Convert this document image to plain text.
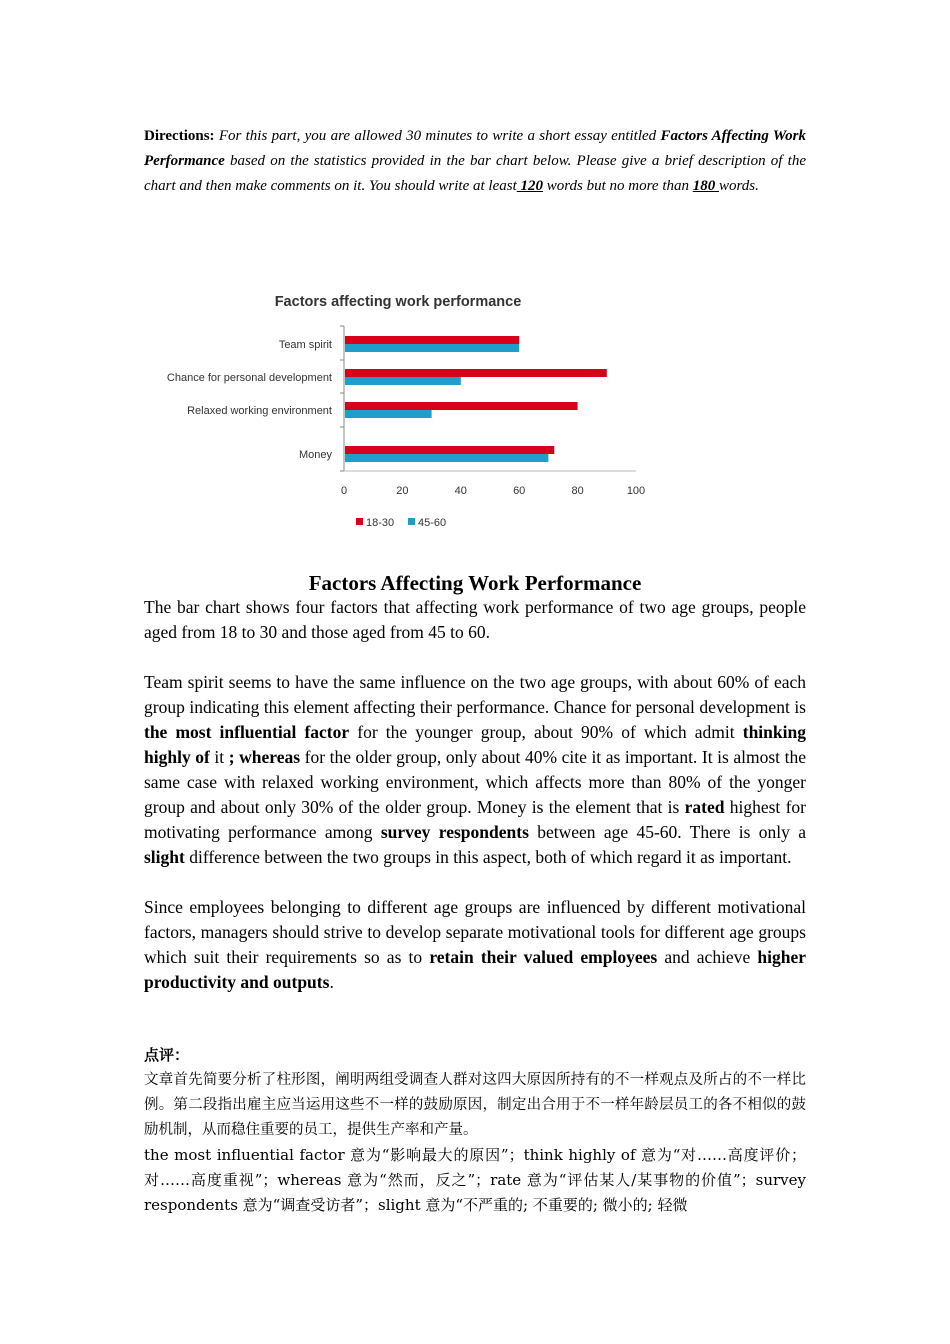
Directions: For this part, you are allowed 30 minutes to write a short essay entitled Factors Affecting Work Performance based on the statistics provided in the bar chart below. Please give a brief description of the chart and then make comments on it. You should write at least 120 words but no more than 180 words.
Factors affecting work performance
Team spirit
Chance for personal development
Relaxed working environment
Money
0	20	40	60	80	100
18-30 45-60
Factors Affecting Work Performance

The bar chart shows four factors that affecting work performance of two age groups, people aged from 18 to 30 and those aged from 45 to 60.

Team spirit seems to have the same influence on the two age groups, with about 60% of each group indicating this element affecting their performance. Chance for personal development is the most influential factor for the younger group, about 90% of which admit thinking highly of it ; whereas for the older group, only about 40% cite it as important. It is almost the same case with relaxed working environment, which affects more than 80% of the yonger group and about only 30% of the older group. Money is the element that is rated highest for motivating performance among survey respondents between age 45-60. There is only a slight difference between the two groups in this aspect, both of which regard it as important.

Since employees belonging to different age groups are influenced by different motivational factors, managers should strive to develop separate motivational tools for different age groups which suit their requirements so as to retain their valued employees and achieve higher productivity and outputs.

点评：
文章首先简要分析了柱形图，阐明两组受调查人群对这四大原因所持有的不一样观点及所占的不一样比例。第二段指出雇主应当运用这些不一样的鼓励原因，制定出合用于不一样年龄层员工的各不相似的鼓励机制，从而稳住重要的员工，提供生产率和产量。
the most influential factor 意为“影响最大的原因”；think highly of 意为“对……高度评价；对……高度重视”；whereas 意为“然而，反之”；rate 意为“评估某人/某事物的价值”；survey respondents 意为“调查受访者”；slight 意为“不严重的; 不重要的; 微小的; 轻微
